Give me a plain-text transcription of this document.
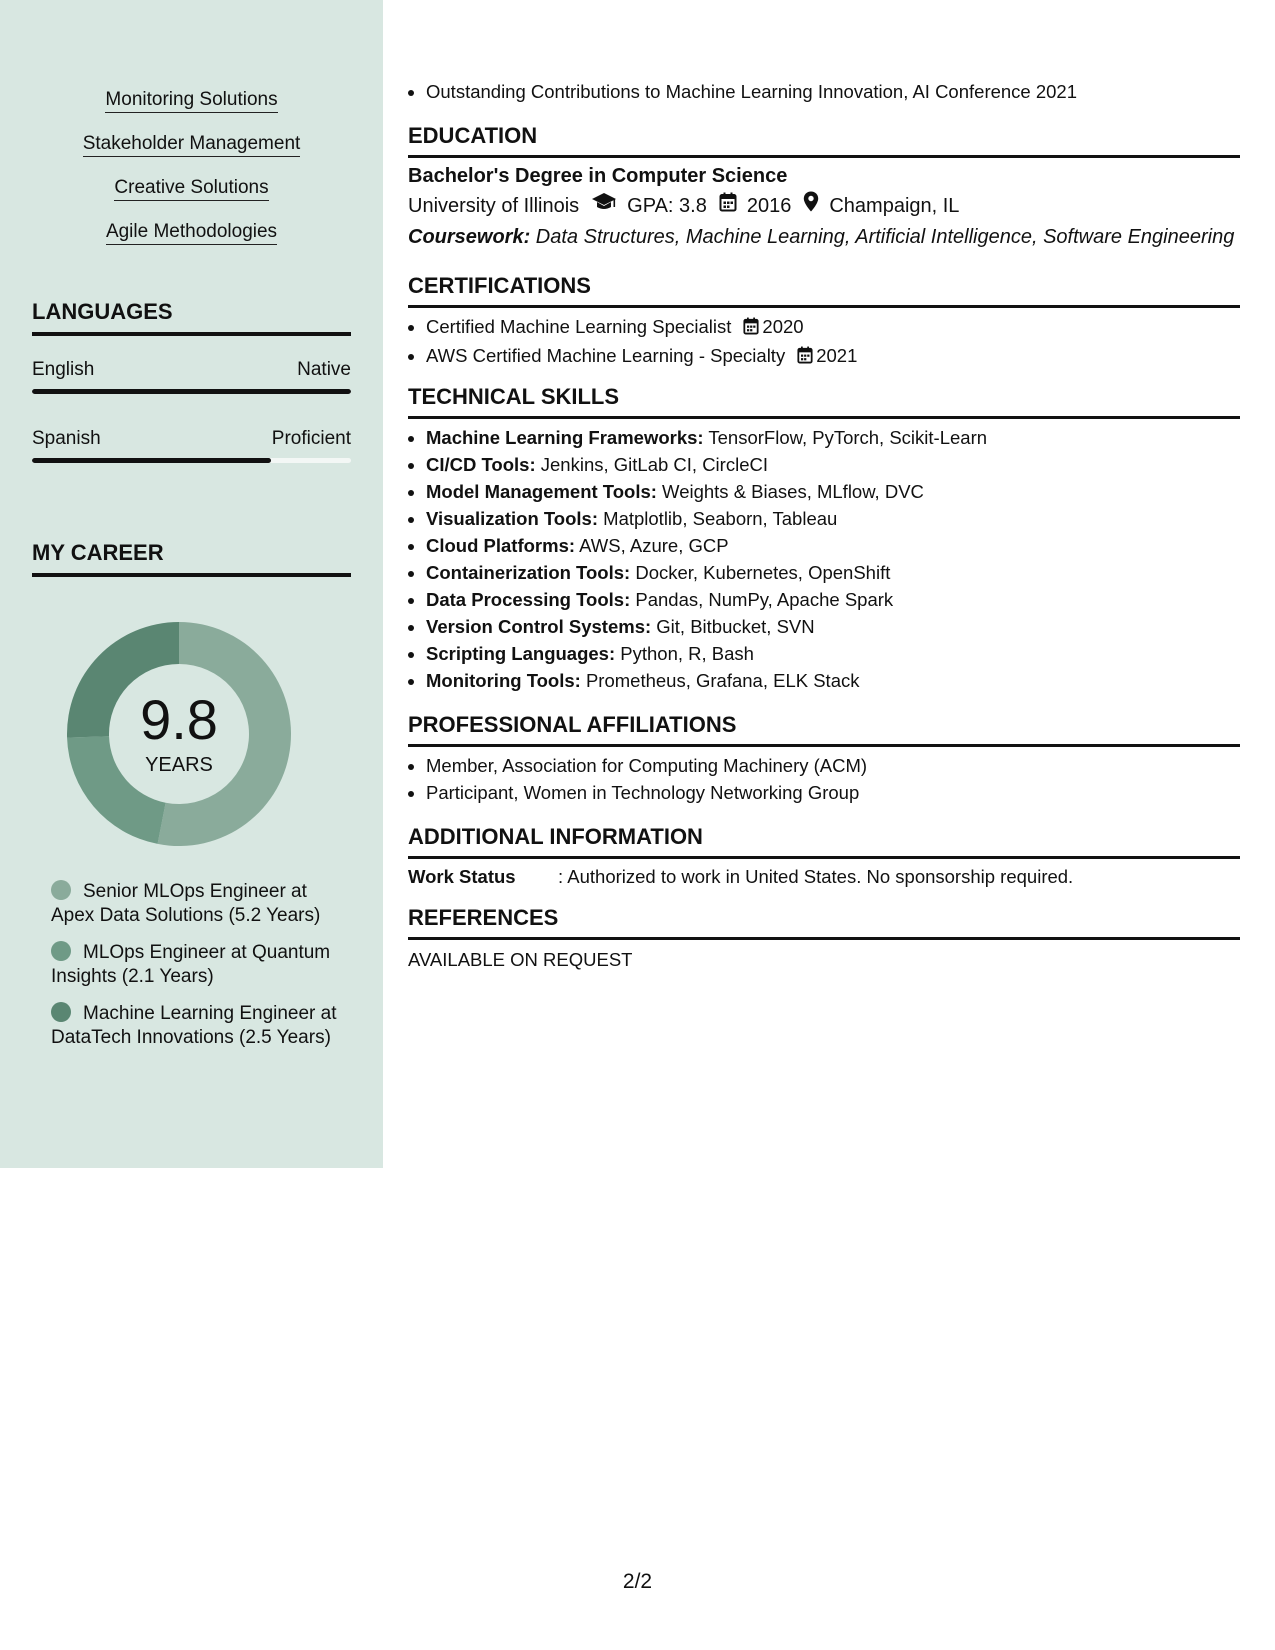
Monitoring Solutions
Stakeholder Management
Creative Solutions
Agile Methodologies
LANGUAGES
English	Native
Spanish	Proficient
MY CAREER
9.8
YEARS
Senior MLOps Engineer at Apex Data Solutions (5.2 Years)
MLOps Engineer at Quantum Insights (2.1 Years)
Machine Learning Engineer at DataTech Innovations (2.5 Years)
• Outstanding Contributions to Machine Learning Innovation, AI Conference 2021
EDUCATION
Bachelor's Degree in Computer Science
University of Illinois GPA: 3.8 2016 Champaign, IL
Coursework: Data Structures, Machine Learning, Artificial Intelligence, Software Engineering
CERTIFICATIONS
• Certified Machine Learning Specialist 2020
• AWS Certified Machine Learning - Specialty 2021
TECHNICAL SKILLS
• Machine Learning Frameworks: TensorFlow, PyTorch, Scikit-Learn
• CI/CD Tools: Jenkins, GitLab CI, CircleCI
• Model Management Tools: Weights & Biases, MLflow, DVC
• Visualization Tools: Matplotlib, Seaborn, Tableau
• Cloud Platforms: AWS, Azure, GCP
• Containerization Tools: Docker, Kubernetes, OpenShift
• Data Processing Tools: Pandas, NumPy, Apache Spark
• Version Control Systems: Git, Bitbucket, SVN
• Scripting Languages: Python, R, Bash
• Monitoring Tools: Prometheus, Grafana, ELK Stack
PROFESSIONAL AFFILIATIONS
• Member, Association for Computing Machinery (ACM)
• Participant, Women in Technology Networking Group
ADDITIONAL INFORMATION
Work Status	: Authorized to work in United States. No sponsorship required.
REFERENCES
AVAILABLE ON REQUEST
2/2
